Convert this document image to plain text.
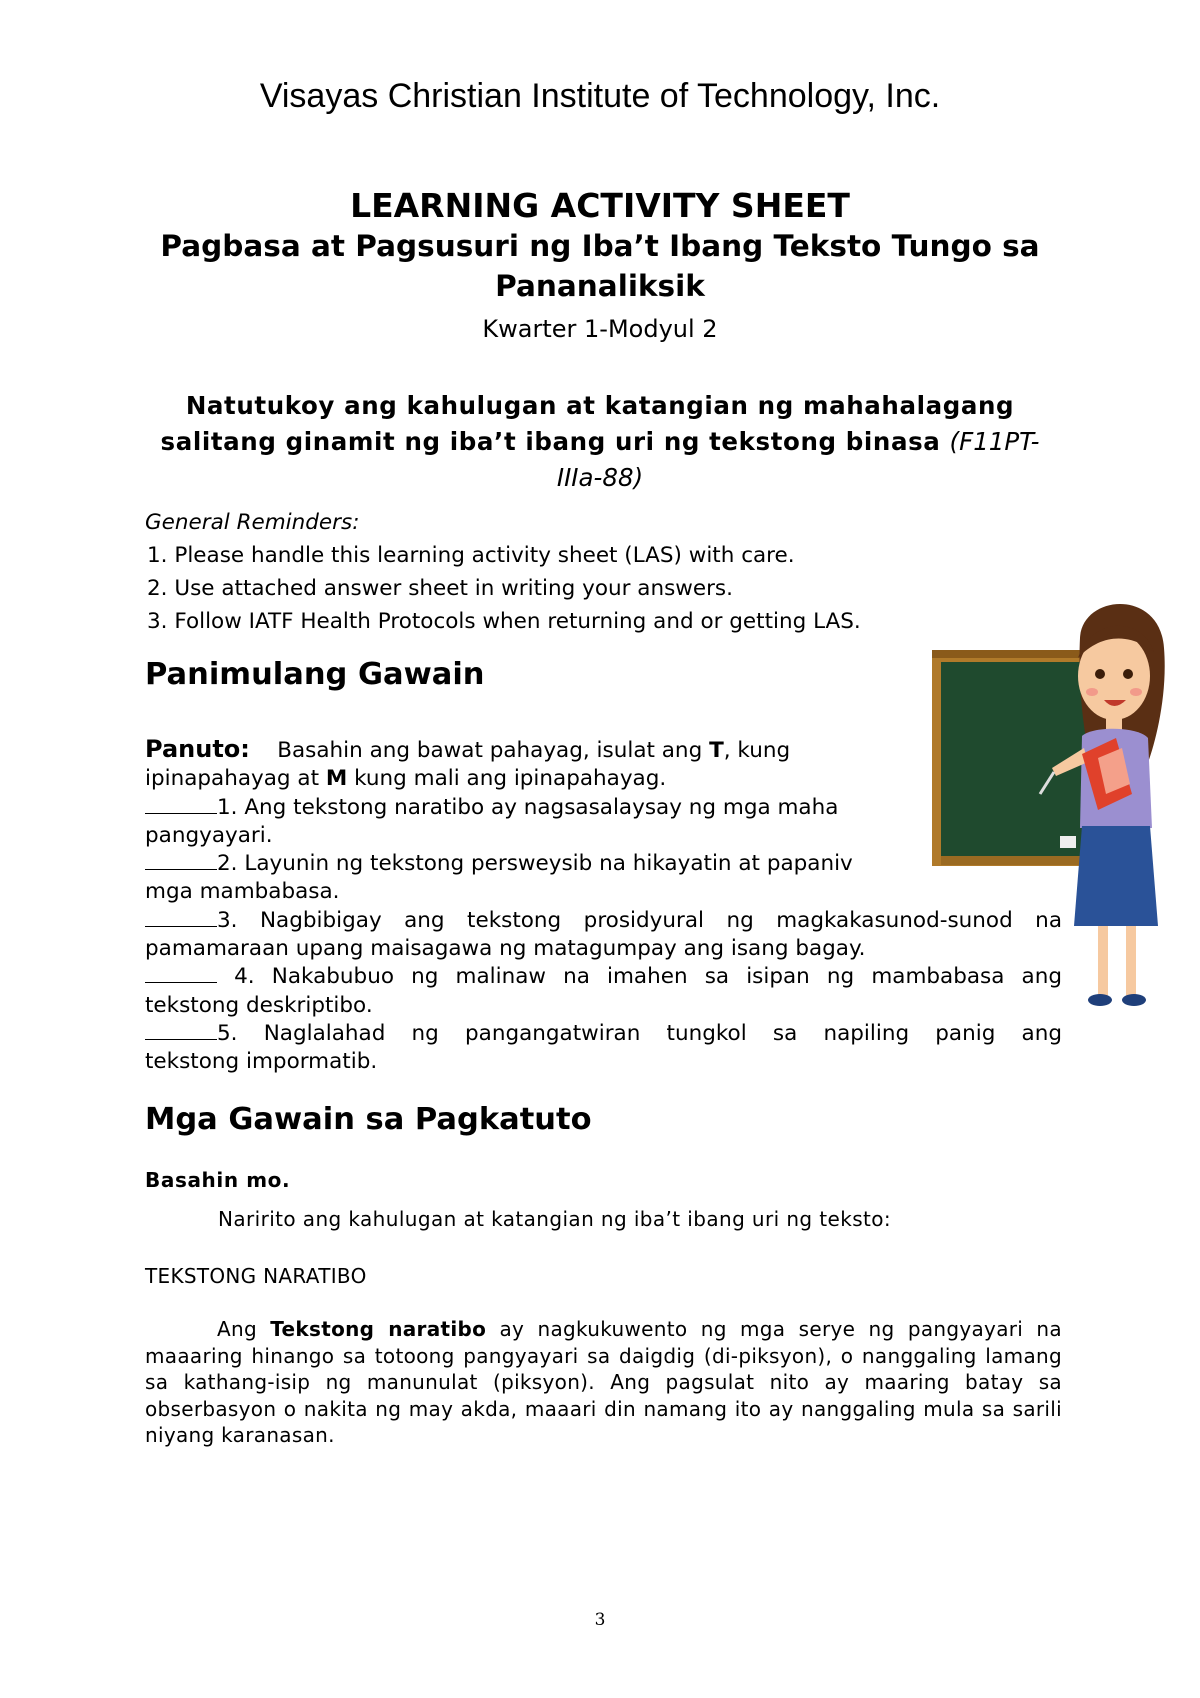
Visayas Christian Institute of Technology, Inc.
LEARNING ACTIVITY SHEET
Pagbasa at Pagsusuri ng Iba’t Ibang Teksto Tungo sa Pananaliksik
Kwarter 1-Modyul 2
Natutukoy ang kahulugan at katangian ng mahahalagang salitang ginamit ng iba’t ibang uri ng tekstong binasa (F11PT-IIIa-88)
General Reminders:
1. Please handle this learning activity sheet (LAS) with care.
2. Use attached answer sheet in writing your answers.
3. Follow IATF Health Protocols when returning and or getting LAS.
Panimulang Gawain

Panuto: Basahin ang bawat pahayag, isulat ang T, kung

ipinapahayag at M kung mali ang ipinapahayag.

1. Ang tekstong naratibo ay nagsasalaysay ng mga maha
pangyayari.
2. Layunin ng tekstong persweysib na hikayatin at papaniv
mga mambabasa.
3. Nagbibigay ang tekstong prosidyural ng magkakasunod-sunod na
pamamaraan upang maisagawa ng matagumpay ang isang bagay.
4. Nakabubuo ng malinaw na imahen sa isipan ng mambabasa ang
tekstong deskriptibo.
5. Naglalahad ng pangangatwiran tungkol sa napiling panig ang
tekstong impormatib.
Mga Gawain sa Pagkatuto
Basahin mo.
Naririto ang kahulugan at katangian ng iba’t ibang uri ng teksto:
TEKSTONG NARATIBO

Ang Tekstong naratibo ay nagkukuwento ng mga serye ng pangyayari na maaaring hinango sa totoong pangyayari sa daigdig (di-piksyon), o nanggaling lamang sa kathang-isip ng manunulat (piksyon). Ang pagsulat nito ay maaring batay sa obserbasyon o nakita ng may akda, maaari din namang ito ay nanggaling mula sa sarili niyang karanasan.

3
